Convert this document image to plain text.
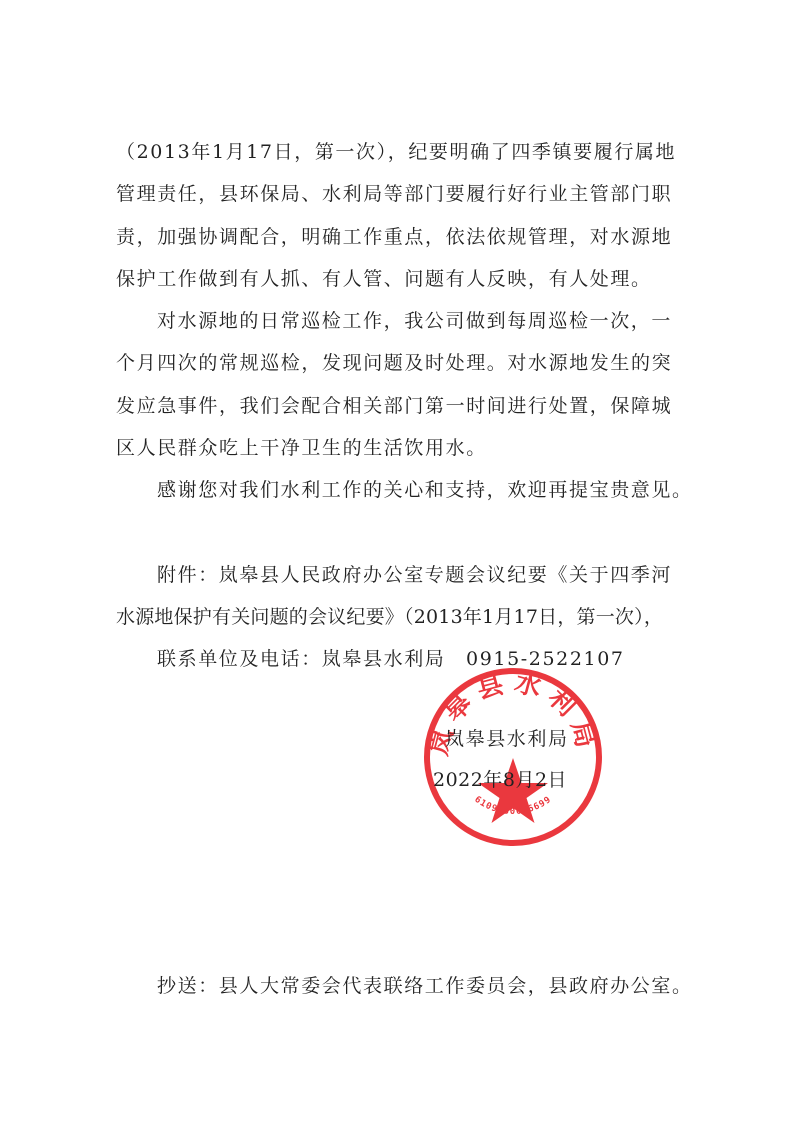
（2013年1月17日，第一次），纪要明确了四季镇要履行属地
管理责任，县环保局、水利局等部门要履行好行业主管部门职
责，加强协调配合，明确工作重点，依法依规管理，对水源地
保护工作做到有人抓、有人管、问题有人反映，有人处理。
对水源地的日常巡检工作，我公司做到每周巡检一次，一
个月四次的常规巡检，发现问题及时处理。对水源地发生的突
发应急事件，我们会配合相关部门第一时间进行处置，保障城
区人民群众吃上干净卫生的生活饮用水。
感谢您对我们水利工作的关心和支持，欢迎再提宝贵意见。
附件：岚皋县人民政府办公室专题会议纪要《关于四季河
水源地保护有关问题的会议纪要》（2013年1月17日，第一次），
联系单位及电话：岚皋县水利局　0915-2522107
岚皋县水利局
6109250006699
岚皋县水利局
2022年8月2日
抄送：县人大常委会代表联络工作委员会，县政府办公室。
